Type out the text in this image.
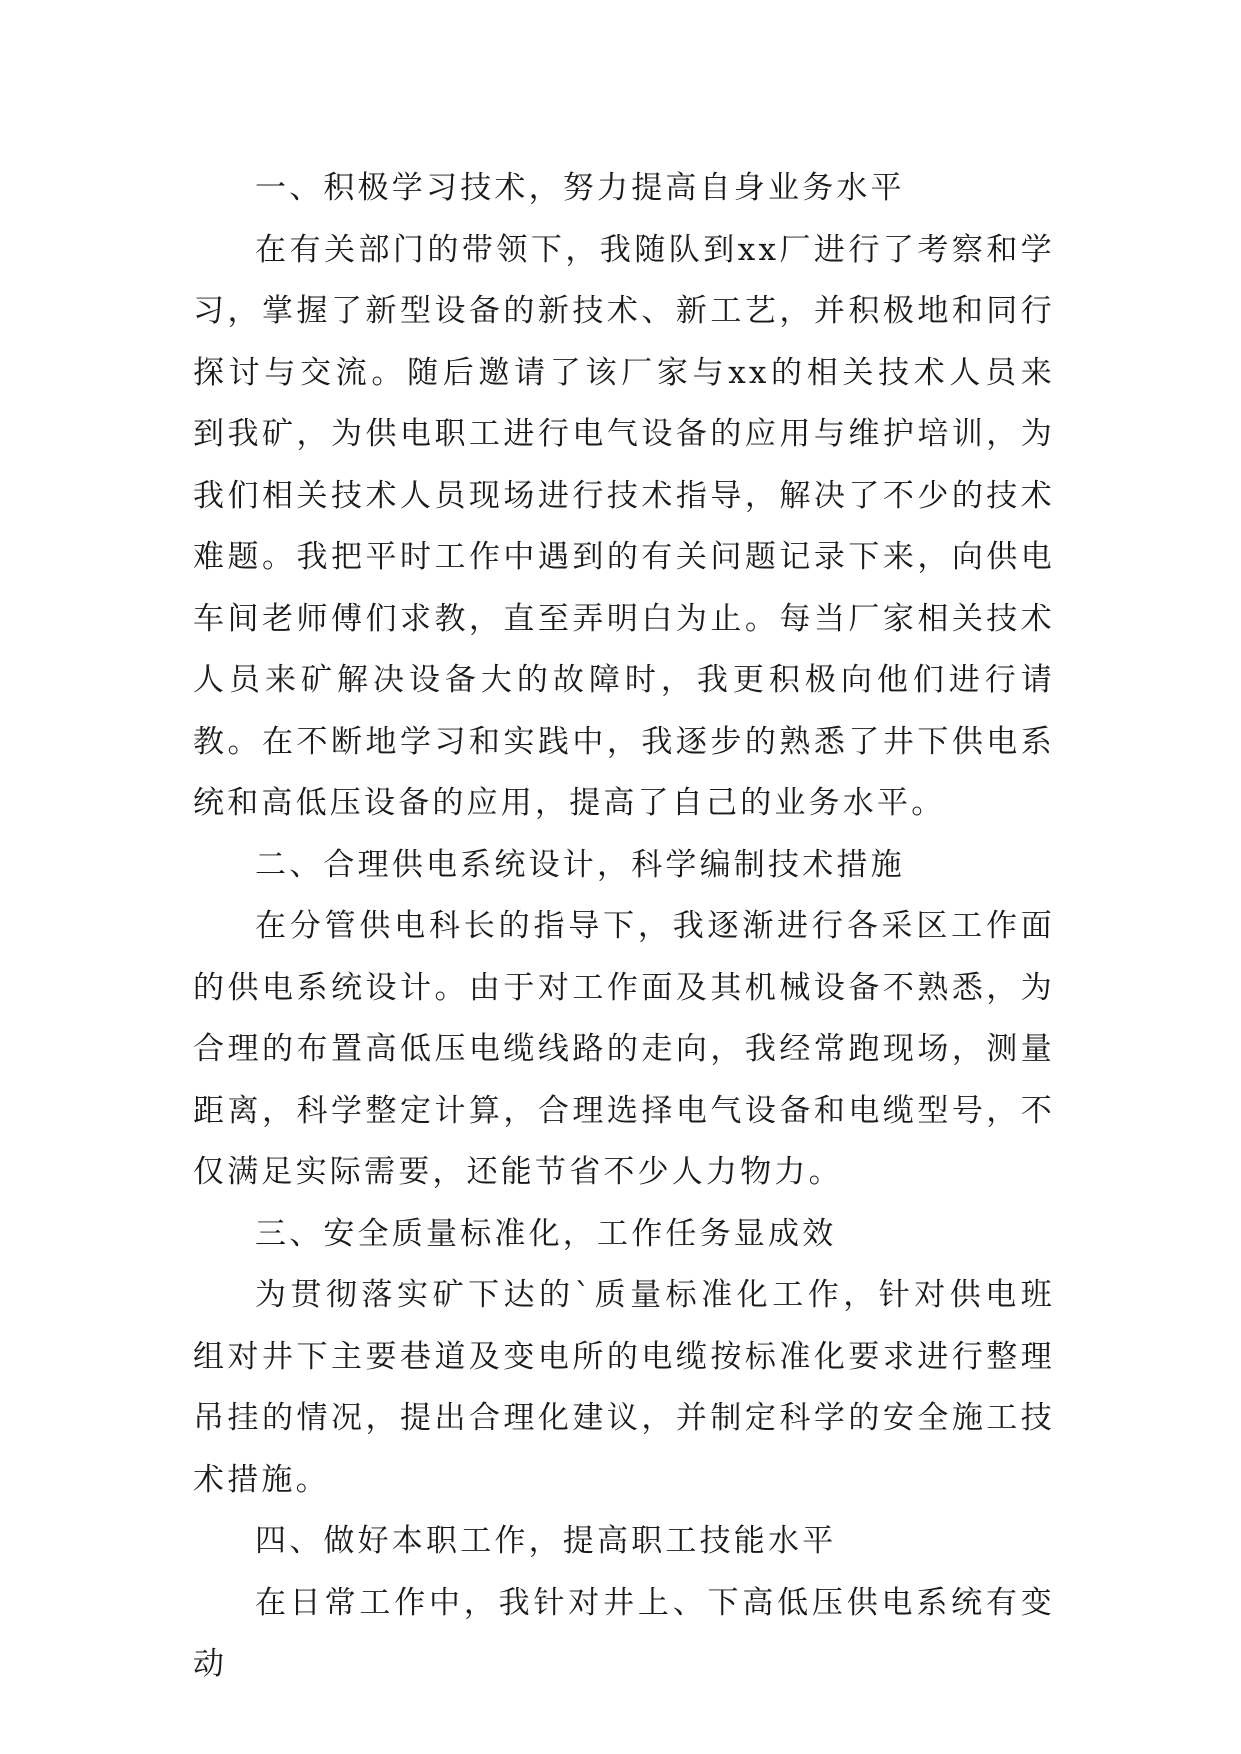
一、积极学习技术，努力提高自身业务水平

在有关部门的带领下，我随队到xx厂进行了考察和学习，掌握了新型设备的新技术、新工艺，并积极地和同行探讨与交流。随后邀请了该厂家与xx的相关技术人员来到我矿，为供电职工进行电气设备的应用与维护培训，为我们相关技术人员现场进行技术指导，解决了不少的技术难题。我把平时工作中遇到的有关问题记录下来，向供电车间老师傅们求教，直至弄明白为止。每当厂家相关技术人员来矿解决设备大的故障时，我更积极向他们进行请教。在不断地学习和实践中，我逐步的熟悉了井下供电系统和高低压设备的应用，提高了自己的业务水平。

二、合理供电系统设计，科学编制技术措施

在分管供电科长的指导下，我逐渐进行各采区工作面的供电系统设计。由于对工作面及其机械设备不熟悉，为合理的布置高低压电缆线路的走向，我经常跑现场，测量距离，科学整定计算，合理选择电气设备和电缆型号，不仅满足实际需要，还能节省不少人力物力。

三、安全质量标准化，工作任务显成效

为贯彻落实矿下达的`质量标准化工作，针对供电班组对井下主要巷道及变电所的电缆按标准化要求进行整理吊挂的情况，提出合理化建议，并制定科学的安全施工技术措施。

四、做好本职工作，提高职工技能水平

在日常工作中，我针对井上、下高低压供电系统有变动
